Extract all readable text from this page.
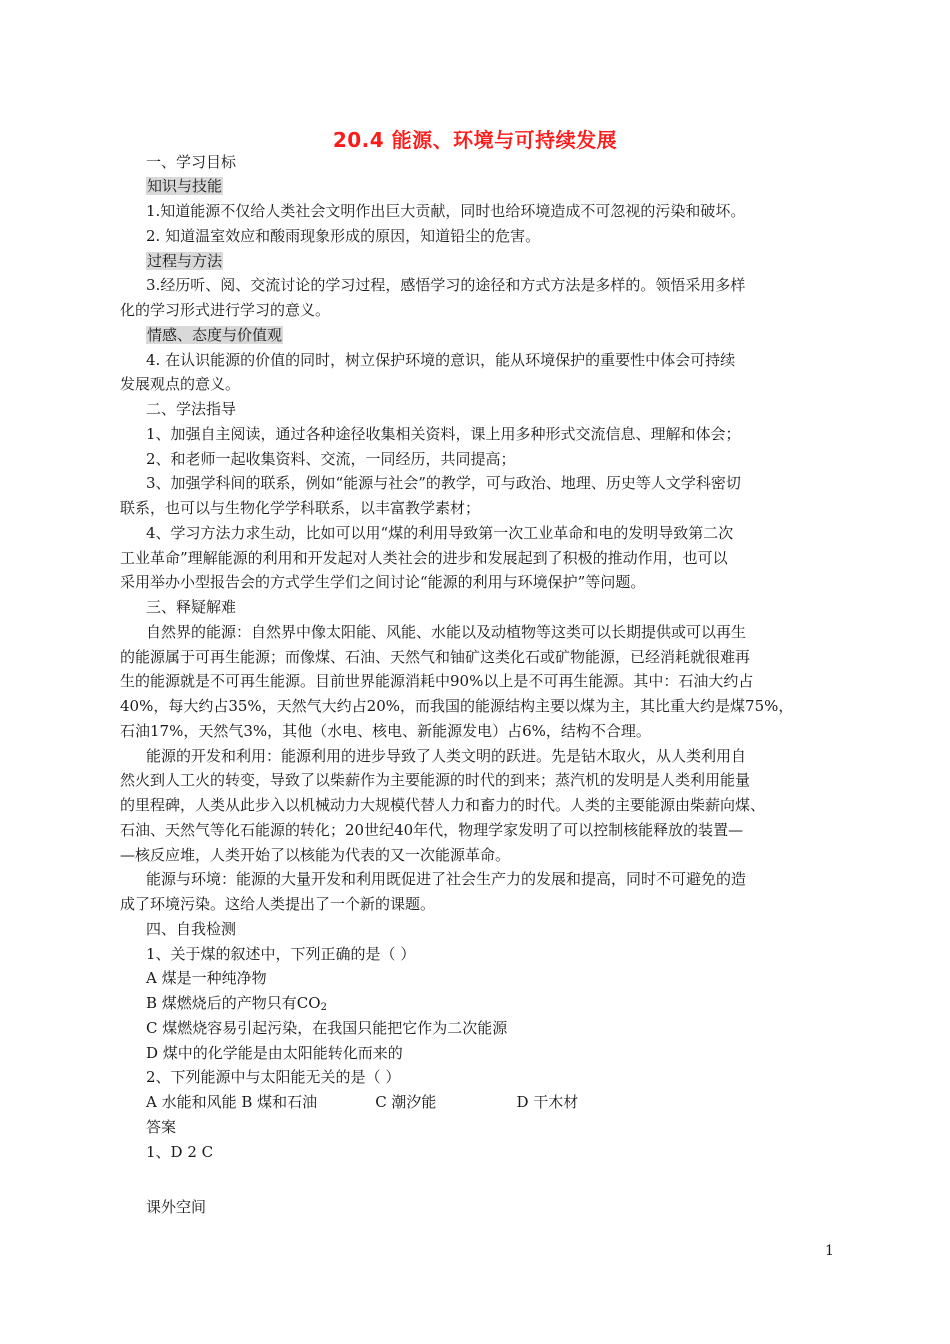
20.4 能源、环境与可持续发展
一、学习目标
知识与技能
1.知道能源不仅给人类社会文明作出巨大贡献，同时也给环境造成不可忽视的污染和破坏。
2. 知道温室效应和酸雨现象形成的原因，知道铅尘的危害。
过程与方法
3.经历听、阅、交流讨论的学习过程，感悟学习的途径和方式方法是多样的。领悟采用多样
化的学习形式进行学习的意义。
情感、态度与价值观
4. 在认识能源的价值的同时，树立保护环境的意识，能从环境保护的重要性中体会可持续
发展观点的意义。
二、学法指导
1、加强自主阅读，通过各种途径收集相关资料，课上用多种形式交流信息、理解和体会；
2、和老师一起收集资料、交流，一同经历，共同提高；
3、加强学科间的联系，例如“能源与社会”的教学，可与政治、地理、历史等人文学科密切
联系，也可以与生物化学学科联系，以丰富教学素材；
4、学习方法力求生动，比如可以用“煤的利用导致第一次工业革命和电的发明导致第二次
工业革命”理解能源的利用和开发起对人类社会的进步和发展起到了积极的推动作用，也可以
采用举办小型报告会的方式学生学们之间讨论“能源的利用与环境保护”等问题。
三、释疑解难
自然界的能源：自然界中像太阳能、风能、水能以及动植物等这类可以长期提供或可以再生
的能源属于可再生能源；而像煤、石油、天然气和铀矿这类化石或矿物能源，已经消耗就很难再
生的能源就是不可再生能源。目前世界能源消耗中90%以上是不可再生能源。其中：石油大约占
40%，每大约占35%，天然气大约占20%，而我国的能源结构主要以煤为主，其比重大约是煤75%，
石油17%，天然气3%，其他（水电、核电、新能源发电）占6%，结构不合理。
能源的开发和利用：能源利用的进步导致了人类文明的跃进。先是钻木取火，从人类利用自
然火到人工火的转变，导致了以柴薪作为主要能源的时代的到来；蒸汽机的发明是人类利用能量
的里程碑，人类从此步入以机械动力大规模代替人力和畜力的时代。人类的主要能源由柴薪向煤、
石油、天然气等化石能源的转化；20世纪40年代，物理学家发明了可以控制核能释放的装置—
—核反应堆，人类开始了以核能为代表的又一次能源革命。
能源与环境：能源的大量开发和利用既促进了社会生产力的发展和提高，同时不可避免的造
成了环境污染。这给人类提出了一个新的课题。
四、自我检测
1、关于煤的叙述中，下列正确的是（ ）
A 煤是一种纯净物
B 煤燃烧后的产物只有$CO_2$
C 煤燃烧容易引起污染，在我国只能把它作为二次能源
D 煤中的化学能是由太阳能转化而来的
2、下列能源中与太阳能无关的是（ ）
A 水能和风能 B 煤和石油	C 潮汐能	D 干木材
答案
1、D 2 C
课外空间
1
